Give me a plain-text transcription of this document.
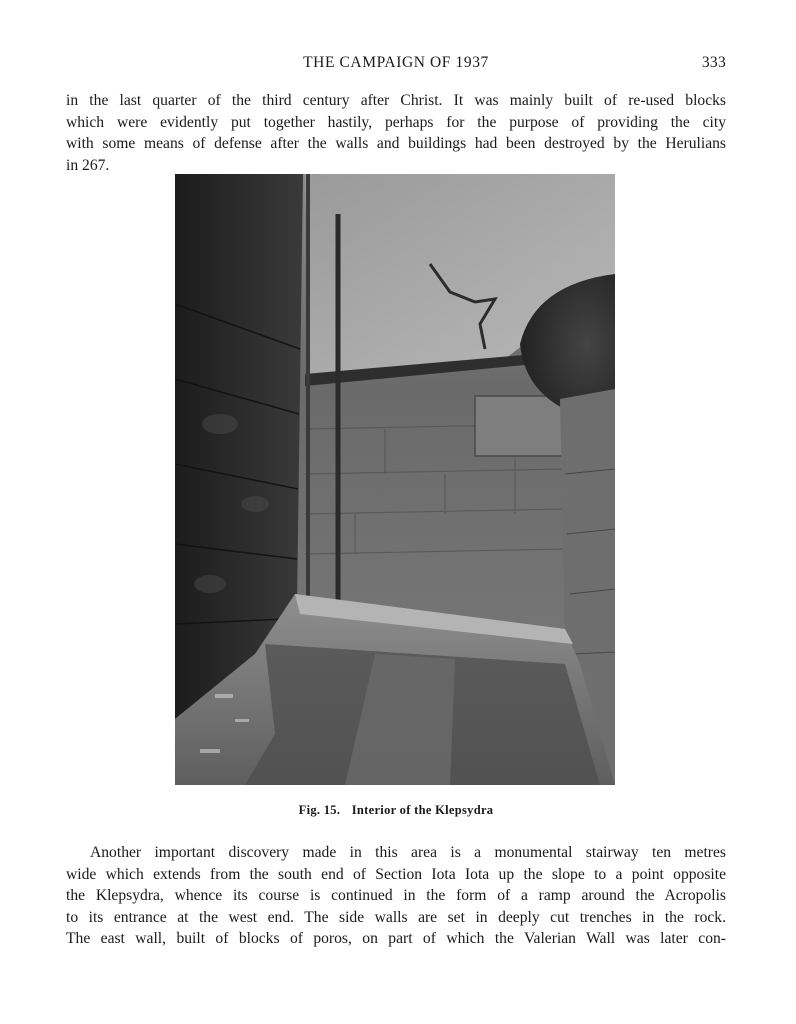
THE CAMPAIGN OF 1937	333
in the last quarter of the third century after Christ. It was mainly built of re-used blocks
which were evidently put together hastily, perhaps for the purpose of providing the city
with some means of defense after the walls and buildings had been destroyed by the Herulians
in 267.
Fig. 15. Interior of the Klepsydra
Another important discovery made in this area is a monumental stairway ten metres
wide which extends from the south end of Section Iota Iota up the slope to a point opposite
the Klepsydra, whence its course is continued in the form of a ramp around the Acropolis
to its entrance at the west end. The side walls are set in deeply cut trenches in the rock.
The east wall, built of blocks of poros, on part of which the Valerian Wall was later con-
